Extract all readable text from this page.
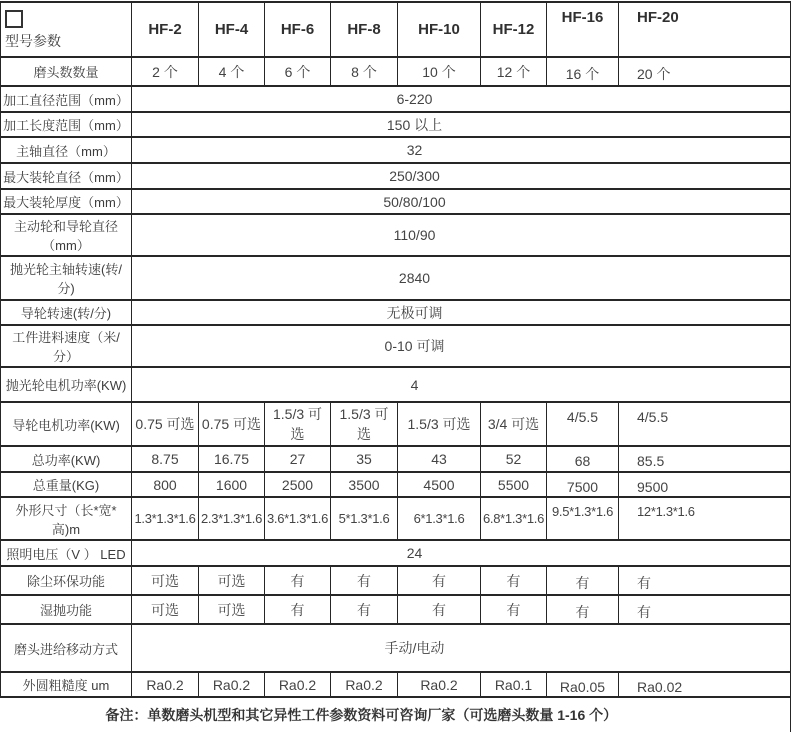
型号参数	HF-2	HF-4	HF-6	HF-8	HF-10	HF-12	HF-16	HF-20
磨头数数量	2 个	4 个	6 个	8 个	10 个	12 个	16 个	20 个
加工直径范围（mm）	6-220							
加工长度范围（mm）	150 以上							
主轴直径（mm）	32							
最大装轮直径（mm）	250/300							
最大装轮厚度（mm）	50/80/100							
主动轮和导轮直径（mm）	110/90							
抛光轮主轴转速(转/分)	2840							
导轮转速(转/分)	无极可调							
工件进料速度（米/分）	0-10 可调							
抛光轮电机功率(KW)	4							
导轮电机功率(KW)	0.75 可选	0.75 可选	1.5/3 可选	1.5/3 可选	1.5/3 可选	3/4 可选	4/5.5	4/5.5
总功率(KW)	8.75	16.75	27	35	43	52	68	85.5
总重量(KG)	800	1600	2500	3500	4500	5500	7500	9500
外形尺寸（长*宽*高)m	1.3*1.3*1.6	2.3*1.3*1.6	3.6*1.3*1.6	5*1.3*1.6	6*1.3*1.6	6.8*1.3*1.6	9.5*1.3*1.6	12*1.3*1.6
照明电压（V ） LED	24							
除尘环保功能	可选	可选	有	有	有	有	有	有
湿抛功能	可选	可选	有	有	有	有	有	有
磨头进给移动方式	手动/电动							
外圆粗糙度 um	Ra0.2	Ra0.2	Ra0.2	Ra0.2	Ra0.2	Ra0.1	Ra0.05	Ra0.02
备注：单数磨头机型和其它异性工件参数资料可咨询厂家（可选磨头数量 1-16 个）								
